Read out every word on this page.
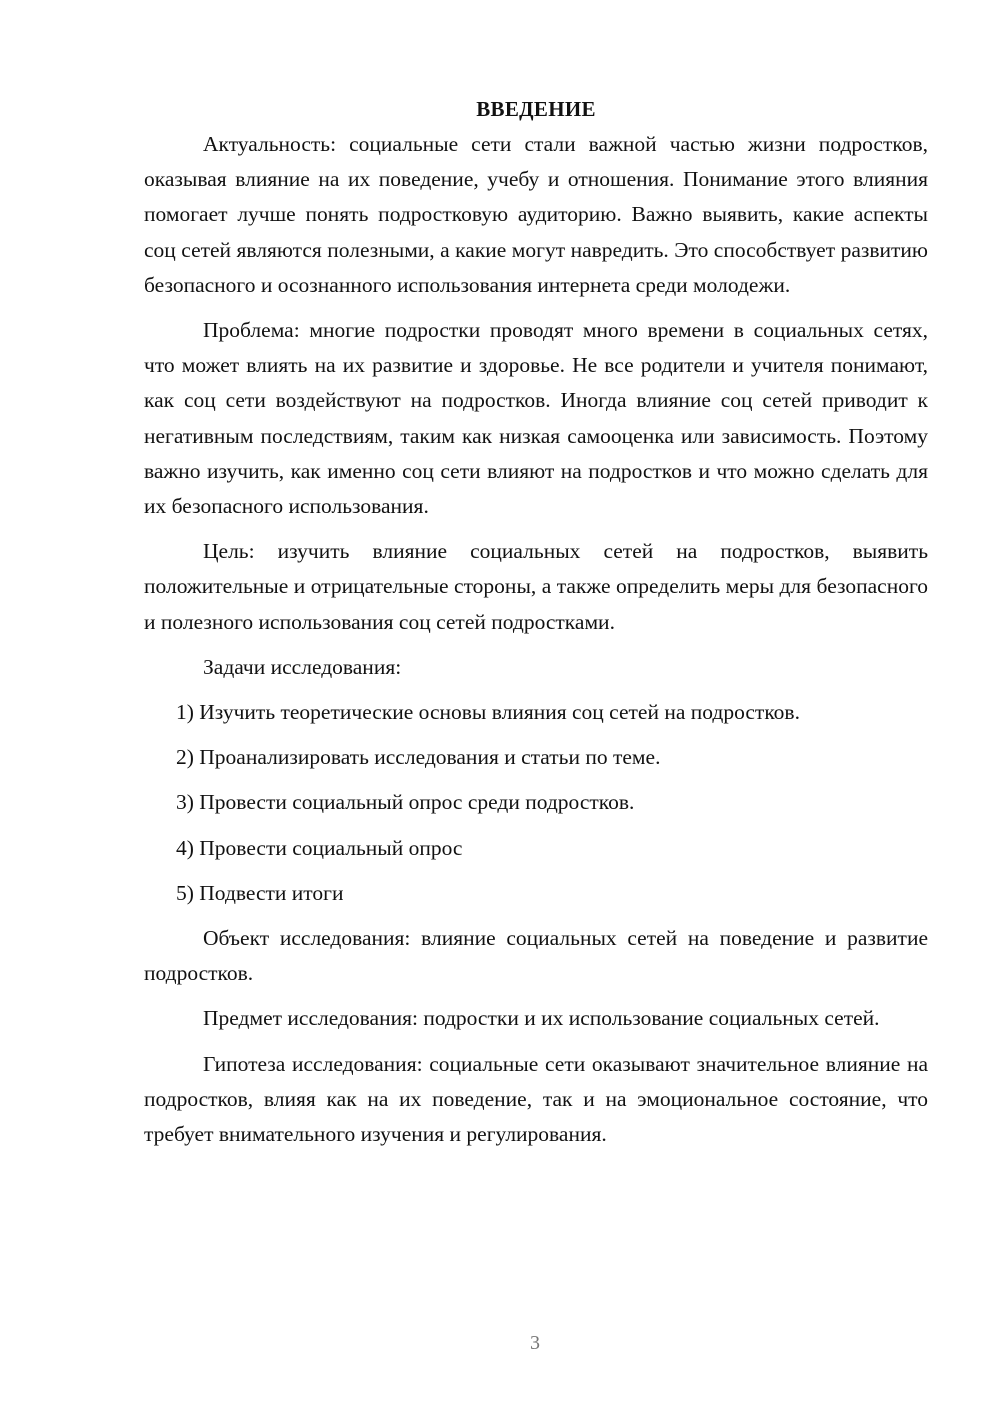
ВВЕДЕНИЕ

Актуальность: социальные сети стали важной частью жизни подростков, оказывая влияние на их поведение, учебу и отношения. Понимание этого влияния помогает лучше понять подростковую аудиторию. Важно выявить, какие аспекты соц сетей являются полезными, а какие могут навредить. Это способствует развитию безопасного и осознанного использования интернета среди молодежи.

Проблема: многие подростки проводят много времени в социальных сетях, что может влиять на их развитие и здоровье. Не все родители и учителя понимают, как соц сети воздействуют на подростков. Иногда влияние соц сетей приводит к негативным последствиям, таким как низкая самооценка или зависимость. Поэтому важно изучить, как именно соц сети влияют на подростков и что можно сделать для их безопасного использования.

Цель: изучить влияние социальных сетей на подростков, выявить положительные и отрицательные стороны, а также определить меры для безопасного и полезного использования соц сетей подростками.

Задачи исследования:

1) Изучить теоретические основы влияния соц сетей на подростков.
2) Проанализировать исследования и статьи по теме.
3) Провести социальный опрос среди подростков.
4) Провести социальный опрос
5) Подвести итоги

Объект исследования: влияние социальных сетей на поведение и развитие подростков.

Предмет исследования: подростки и их использование социальных сетей.

Гипотеза исследования: социальные сети оказывают значительное влияние на подростков, влияя как на их поведение, так и на эмоциональное состояние, что требует внимательного изучения и регулирования.

3
